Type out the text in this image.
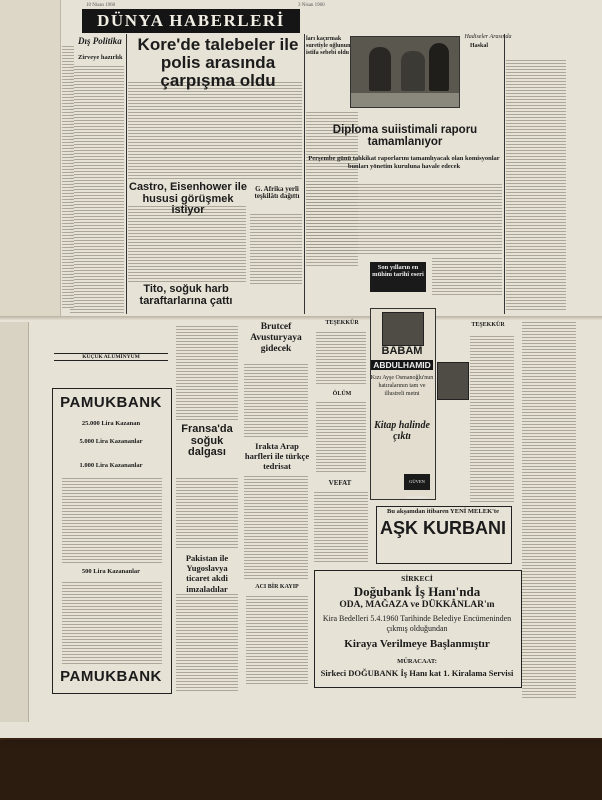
10 Nisan 1960	3 Nisan 1960
DÜNYA HABERLERİ
Dış Politika
Zirveye hazırlık
Kore'de talebeler ile polis arasında çarpışma oldu
Castro, Eisenhower ile hususi görüşmek istiyor
Tito, soğuk harb taraftarlarına çattı
G. Afrika yerli teşkilâtı dağıttı
ları kaçırmak suretiyle oğlunun istifa sebebi oldu
Hadiseler Arasında
Haskal
Diploma suiistimali raporu tamamlanıyor
Perşembe günü tahkikat raporlarını tamamlıyacak olan komisyonlar bunları yönetim kuruluna havale edecek
Son yılların en mühim tarihî eseri
KÜÇÜK ALÜMİNYUM
PAMUKBANK
25.000 Lira Kazanan
5.000 Lira Kazananlar
1.000 Lira Kazananlar
500 Lira Kazananlar
PAMUKBANK
Brutcef Avusturyaya gidecek
Fransa'da soğuk dalgası
Irakta Arap harfleri ile türkçe tedrisat
Pakistan ile Yugoslavya ticaret akdi imzaladılar
TEŞEKKÜR
ÖLÜM
VEFAT
ACI BİR KAYIP
BABAM
ABDULHAMID
Kızı Ayşe Osmanoğlu'nun hatıralarının tam ve illustreli metni
Kitap halinde çıktı
GÜVEN YAYINEVİ
TEŞEKKÜR
Bu akşamdan itibaren YENİ MELEK'te
AŞK KURBANI
SİRKECİ
Doğubank İş Hanı'nda
ODA, MAĞAZA ve DÜKKÂNLAR'ın
Kira Bedelleri 5.4.1960 Tarihinde Belediye Encümeninden çıkmış olduğundan
Kiraya Verilmeye Başlanmıştır
MÜRACAAT:
Sirkeci DOĞUBANK İş Hanı kat 1. Kiralama Servisi
